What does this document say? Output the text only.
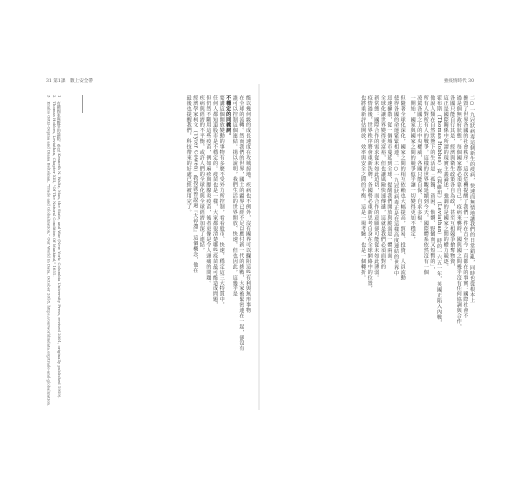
31 第1課　數上安全帶
能以幾何級的成長速度在攻城掠地。疾病也不例外，沒有國界可以攔阻這些有利與無形事物
在全球的流轉。然而我們的世界，國土的疆界已經不足以應付新一代的挑戰，大家被緊密連在一起，卻沒有
誰可以控制這個連結。揚以說明，我們生活的世界開放、快速，但也因此，這幾乎是
不穩定的同義詞。
要講這個開放變動的事物有多麼不受外力所控制，看看股市、快速，穩定這三大特質中，
任何人都知道股市是不穩定的。疫苗也是一樣，大家都很清楚哪些疫苗最可能造成問題，
但仍然不斷用這些疫苗，例如麻疹與腮腺炎疫苗，後者更像是令人頭痛的問題。
疾病與經濟的不平衡，或許人們的全球化與全球經濟加深了連結，
經濟學家柯文（Tyler Cowen）教授就曾說過『大停滯』這個概念，他在
最後也提醒我們，科技帶來的好處已經被用完了。
1　有關國家與戰爭的論點，參見 Kenneth N. Waltz, Man, the State, and War (New York: Columbia University Press, revised 2001, originally published 1959).
2　Thomas Hobbes, Leviathan, Chapter XIII, "Of The Natural Condition Of Mankind," 1651.
3　Emilio Ortiz-Ospina and Diana Beltekian, "Trade and Globalization," Our World in Data, October 2018, https://ourworldindata.org/trade-and-globalization.
強疫情時代 30
二○一九冠狀病毒這個新生的疫病，快速而無情地讓我們的日常錯亂，同時也從根本上
摧毀了世界各國的社會秩序。這次危機提醒了我們一件在古至今一直都在的事實：國際社會不
過是個無政府狀態，每個國家都必須靠自己。疫病來襲時，國與國之間幾乎沒有任何協調與合作，
各國只能自行其是，經濟與衛生政策各自為政，甚至互相競爭搶奪物資，
這正是國際關係中所謂的現實主義論述，強調的是國家之間的權力競逐。
霍布斯（Thomas Hobbes）寫《利維坦》（Leviathan）時的一六五一年，英國正陷入內戰，
他說人類在自然狀態下的生活是「孤獨、貧困、骯髒、野蠻而又短暫的」，
所有人對所有人的戰爭。這樣的世界觀延續到今天，國際體系依然沒有一個
凌駕各國之上的中央權威，各國只能自保、自求多福。
一開始，國家與國家之間的競爭似乎讓一切變得更加不穩定，
但隨著全球化深化，國家之間的相互依賴也大幅提高，貿易、投資、人員流動
使得各國的命運緊緊相連。二○一九冠狀病毒正是在這樣高度連結的世界中
迅速擴散，從一個城市蔓延到全球，提醒我們開放與脆弱是一體兩面。
全球化讓世界變得更富裕，但也讓風險快速傳遞，這就是我們必須面對的
新常態：國際合作的需求從未如此迫切，而合作的意願卻可能從未如此薄弱。
疫情過後，世界秩序將會重新洗牌，各國勢必重新思考自身在全球網絡中的位置，
也將重新評估開放、效率與安全之間的平衡。這是一場考驗，也是一個轉折。
